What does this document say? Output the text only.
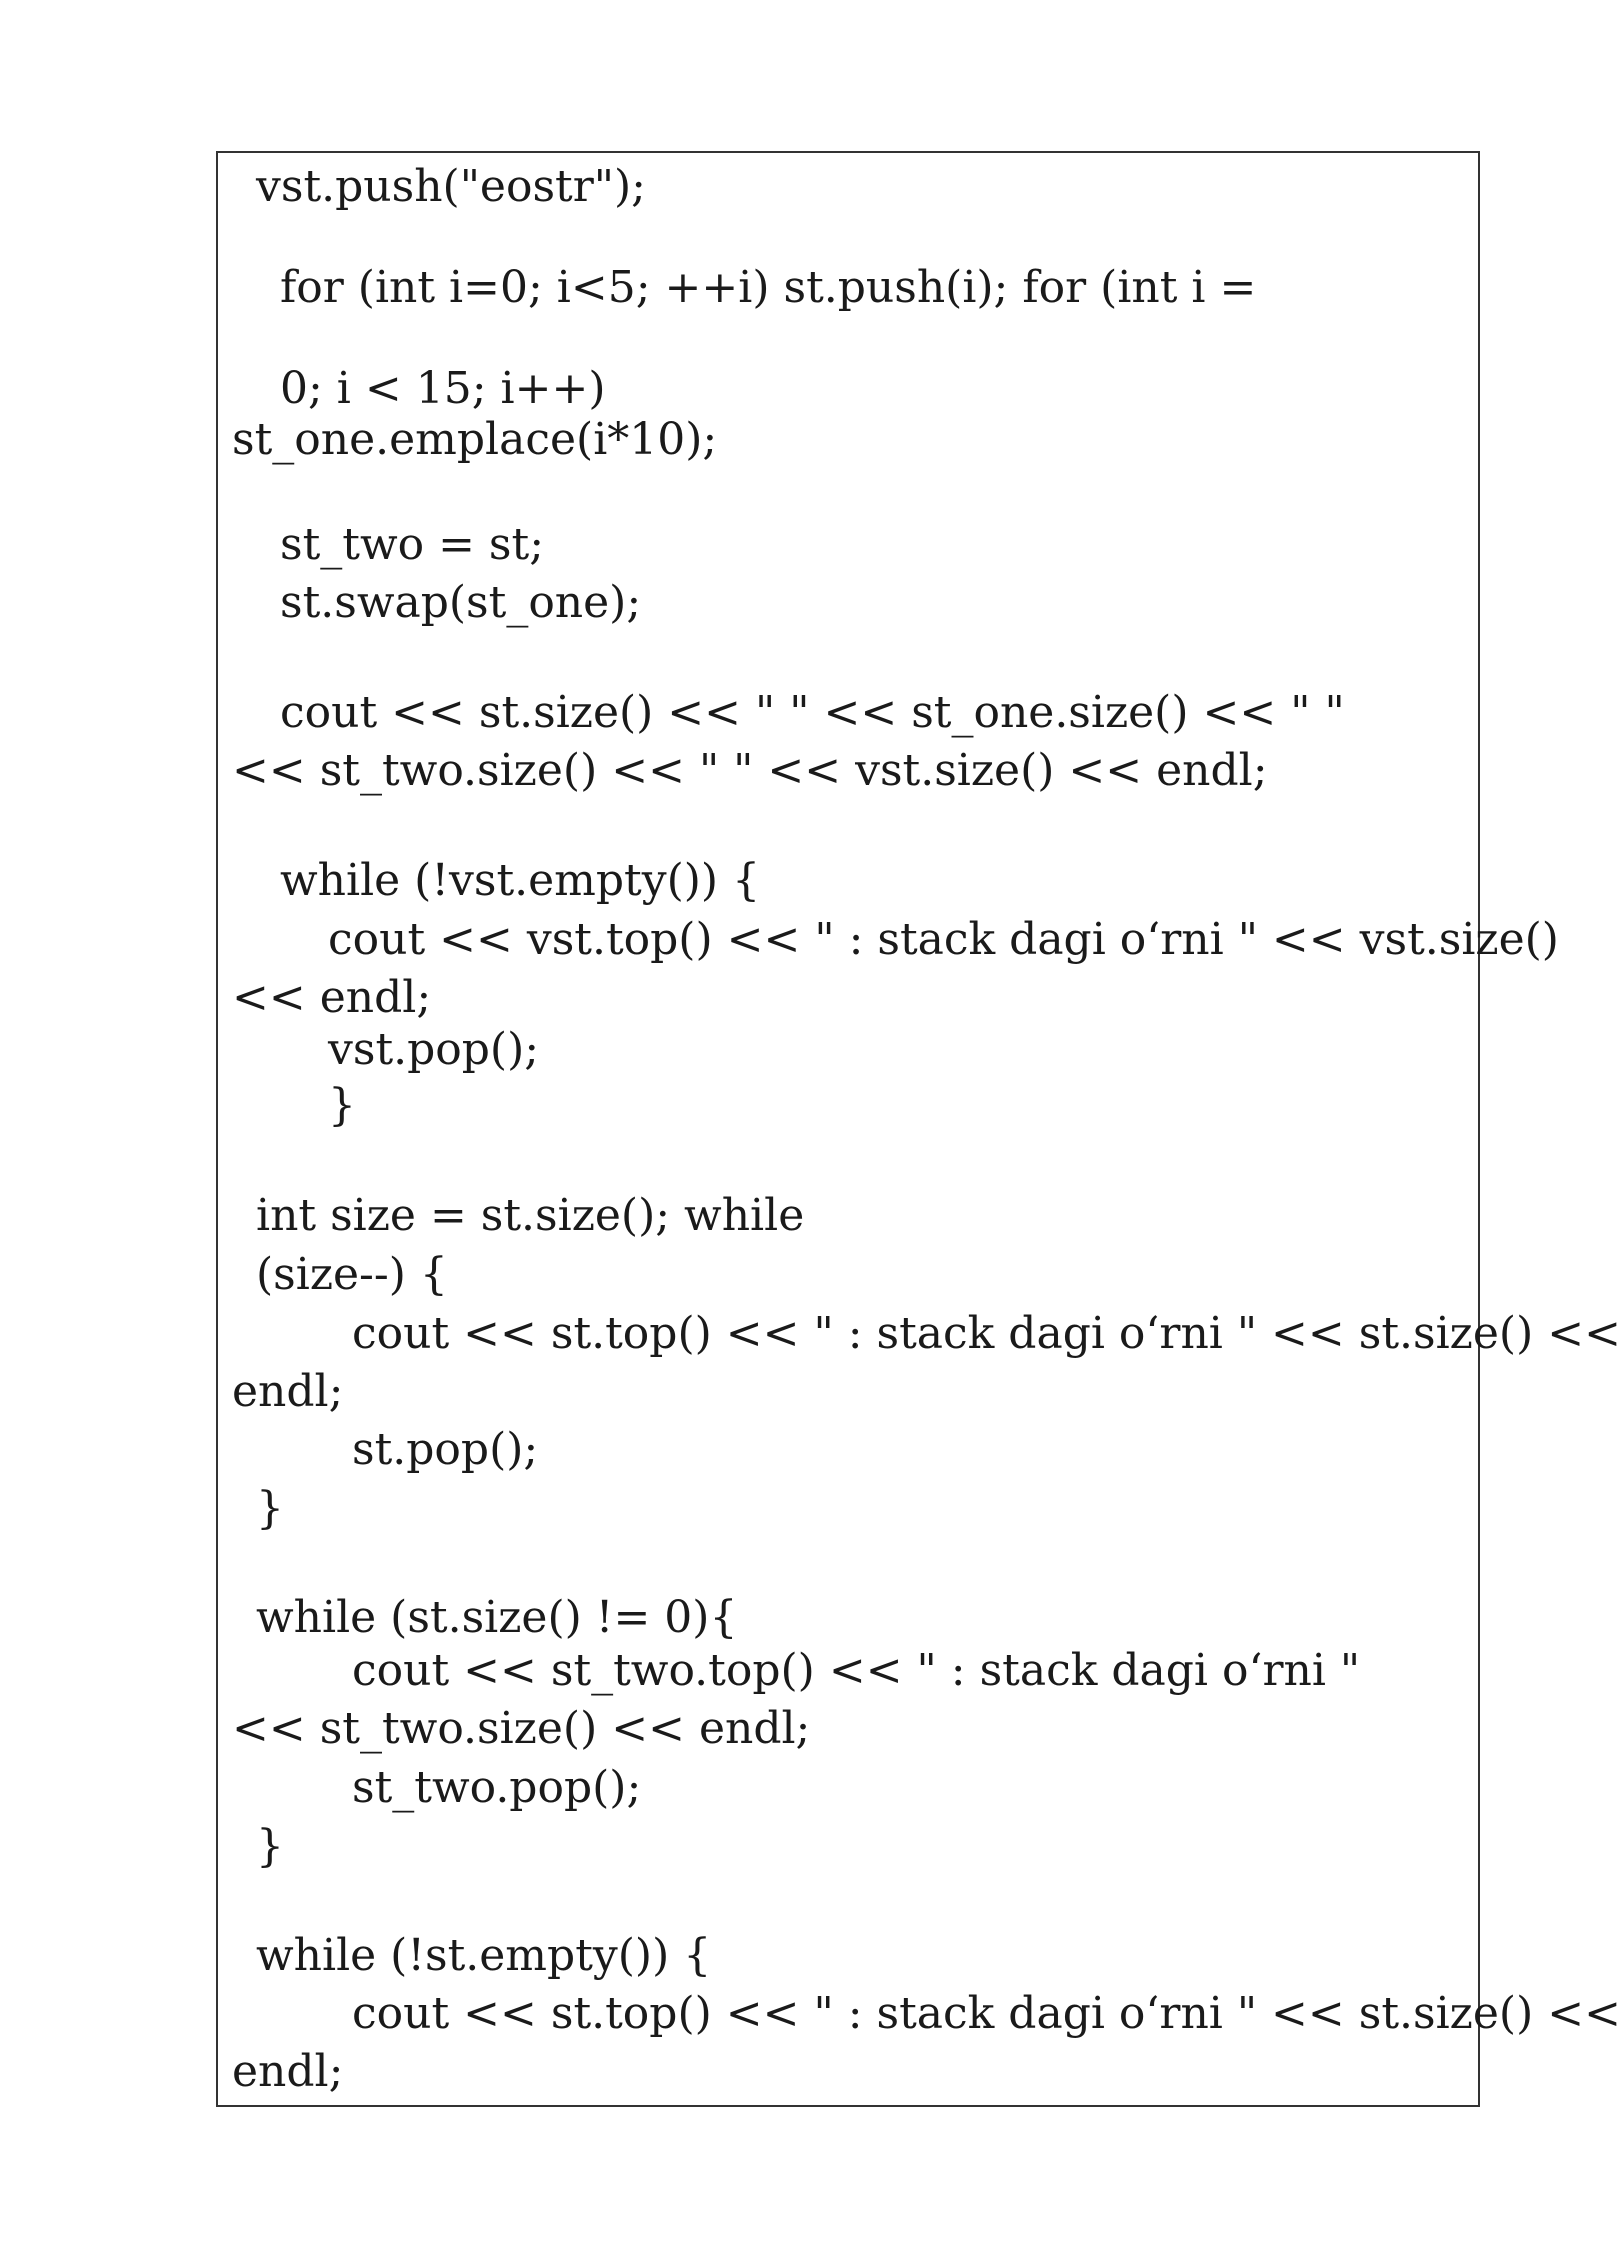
vst.push("eostr");
for (int i=0; i<5; ++i) st.push(i); for (int i =
0; i < 15; i++)
st_one.emplace(i*10);
st_two = st;
st.swap(st_one);
cout << st.size() << " " << st_one.size() << " "
<< st_two.size() << " " << vst.size() << endl;
while (!vst.empty()) {
cout << vst.top() << " : stack dagi o‘rni " << vst.size()
<< endl;
vst.pop();
}
int size = st.size(); while
(size--) {
cout << st.top() << " : stack dagi o‘rni " << st.size() <<
endl;
st.pop();
}
while (st.size() != 0){
cout << st_two.top() << " : stack dagi o‘rni "
<< st_two.size() << endl;
st_two.pop();
}
while (!st.empty()) {
cout << st.top() << " : stack dagi o‘rni " << st.size() <<
endl;
